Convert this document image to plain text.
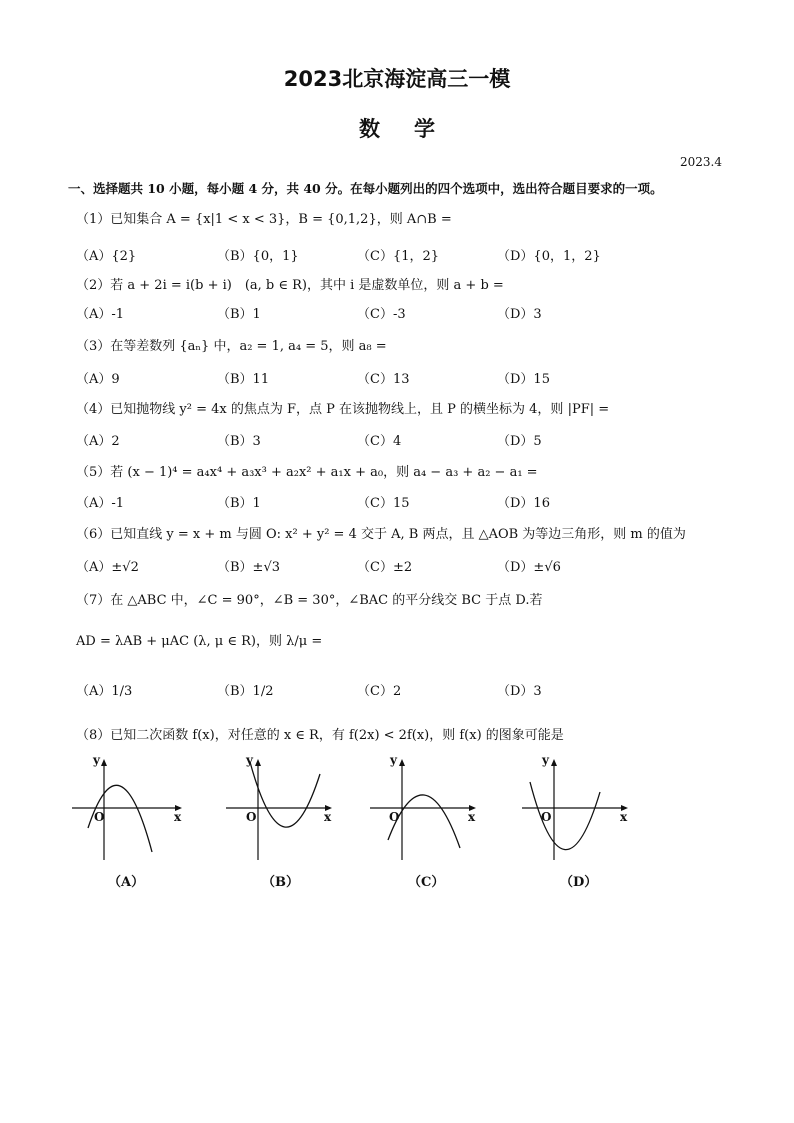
2023北京海淀高三一模
数学
2023.4
一、选择题共 10 小题，每小题 4 分，共 40 分。在每小题列出的四个选项中，选出符合题目要求的一项。
（1）已知集合 A = {x|1 < x < 3}，B = {0,1,2}，则 A∩B =
（A）{2}	（B）{0，1}	（C）{1，2}	（D）{0，1，2}
（2）若 a + 2i = i(b + i)　(a, b ∈ R)，其中 i 是虚数单位，则 a + b =
（A）-1	（B）1	（C）-3	（D）3
（3）在等差数列 {aₙ} 中，a₂ = 1, a₄ = 5，则 a₈ =
（A）9	（B）11	（C）13	（D）15
（4）已知抛物线 y² = 4x 的焦点为 F，点 P 在该抛物线上，且 P 的横坐标为 4，则 |PF| =
（A）2	（B）3	（C）4	（D）5
（5）若 (x − 1)⁴ = a₄x⁴ + a₃x³ + a₂x² + a₁x + a₀，则 a₄ − a₃ + a₂ − a₁ =
（A）-1	（B）1	（C）15	（D）16
（6）已知直线 y = x + m 与圆 O: x² + y² = 4 交于 A, B 两点，且 △AOB 为等边三角形，则 m 的值为
（A）±√2	（B）±√3	（C）±2	（D）±√6
（7）在 △ABC 中，∠C = 90°，∠B = 30°，∠BAC 的平分线交 BC 于点 D.若
AD = λAB + μAC (λ, μ ∈ R)，则 λ/μ =
（A）1/3	（B）1/2	（C）2	（D）3
（8）已知二次函数 f(x)，对任意的 x ∈ R，有 f(2x) < 2f(x)，则 f(x) 的图象可能是
y
O	x
（A）
y
O	x
（B）
y
O	x
（C）
y
O	x
（D）
